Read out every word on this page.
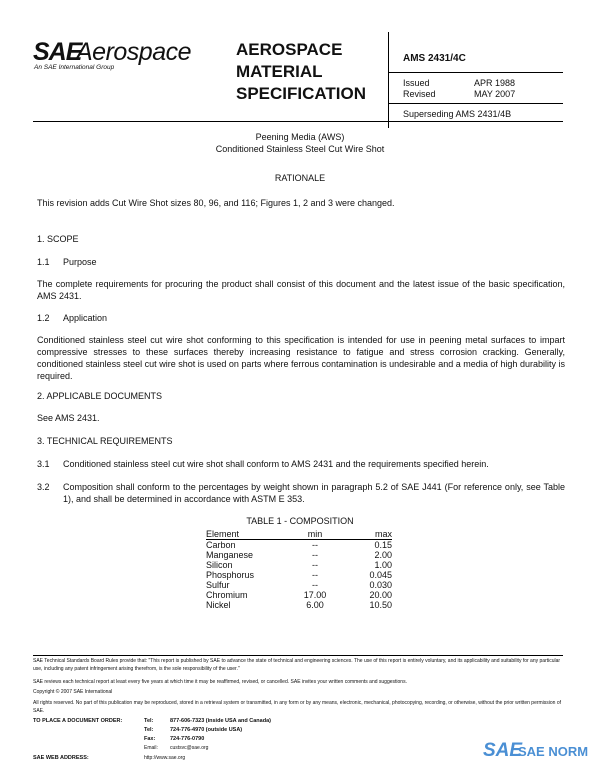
SAE
Aerospace
An SAE International Group
AEROSPACE
MATERIAL
SPECIFICATION
AMS 2431/4C
Issued	APR 1988
Revised	MAY 2007
Superseding AMS 2431/4B
Peening Media (AWS)
Conditioned Stainless Steel Cut Wire Shot
RATIONALE
This revision adds Cut Wire Shot sizes 80, 96, and 116; Figures 1, 2 and 3 were changed.
1. SCOPE
1.1 Purpose
The complete requirements for procuring the product shall consist of this document and the latest issue of the basic specification, AMS 2431.
1.2 Application
Conditioned stainless steel cut wire shot conforming to this specification is intended for use in peening metal surfaces to impart compressive stresses to these surfaces thereby increasing resistance to fatigue and stress corrosion cracking. Generally, conditioned stainless steel cut wire shot is used on parts where ferrous contamination is undesirable and a media of high durability is required.
2. APPLICABLE DOCUMENTS
See AMS 2431.
3. TECHNICAL REQUIREMENTS
3.1 Conditioned stainless steel cut wire shot shall conform to AMS 2431 and the requirements specified herein.
3.2 Composition shall conform to the percentages by weight shown in paragraph 5.2 of SAE J441 (For reference only, see Table 1), and shall be determined in accordance with ASTM E 353.
TABLE 1 - COMPOSITION
Element	min	max
Carbon	--	0.15
Manganese	--	2.00
Silicon	--	1.00
Phosphorus	--	0.045
Sulfur	--	0.030
Chromium	17.00	20.00
Nickel	6.00	10.50
SAE Technical Standards Board Rules provide that: "This report is published by SAE to advance the state of technical and engineering sciences. The use of this report is entirely voluntary, and its applicability and suitability for any particular use, including any patent infringement arising therefrom, is the sole responsibility of the user."
SAE reviews each technical report at least every five years at which time it may be reaffirmed, revised, or cancelled. SAE invites your written comments and suggestions.
Copyright © 2007 SAE International
All rights reserved. No part of this publication may be reproduced, stored in a retrieval system or transmitted, in any form or by any means, electronic, mechanical, photocopying, recording, or otherwise, without the prior written permission of SAE.
TO PLACE A DOCUMENT ORDER:	Tel:	877-606-7323 (inside USA and Canada)
Tel:	724-776-4970 (outside USA)
Fax:	724-776-0790
Email: custsvc@sae.org
SAE WEB ADDRESS:	http://www.sae.org	SAE
SAE NORM
